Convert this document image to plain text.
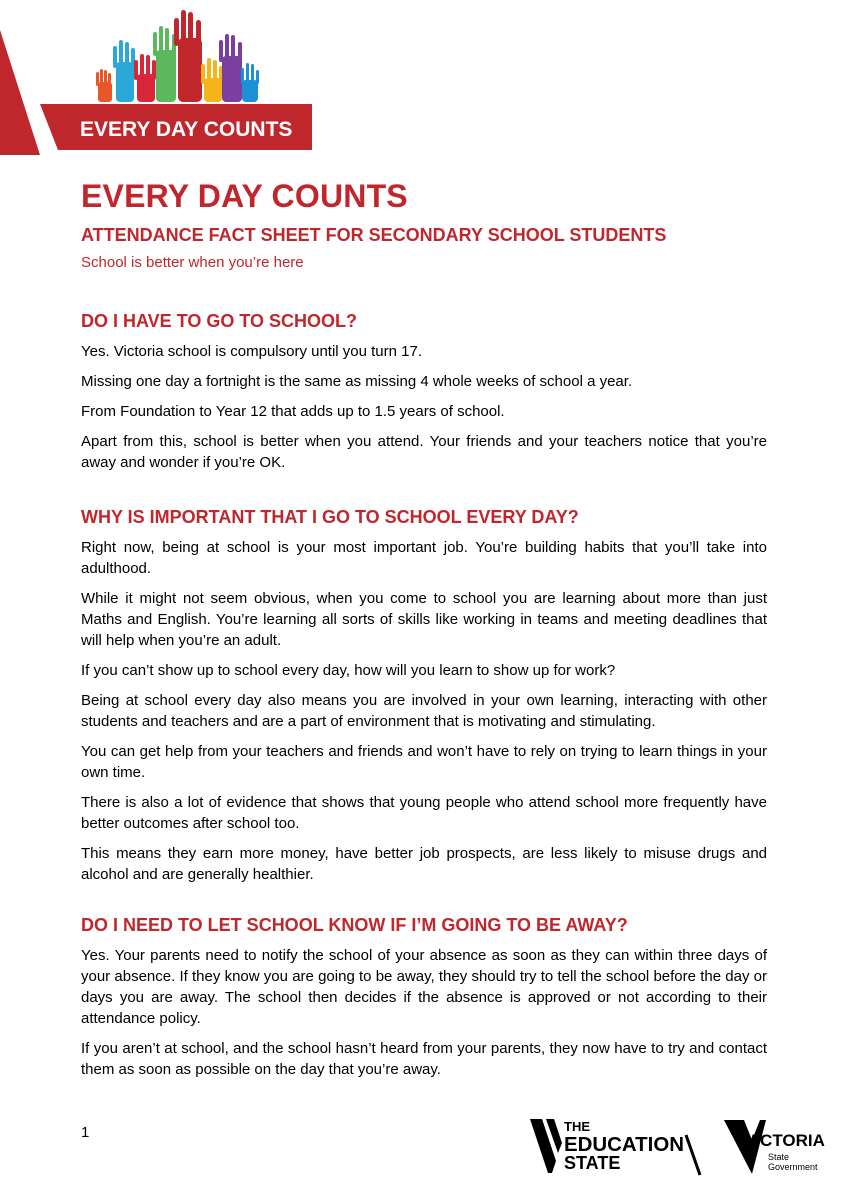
EVERY DAY COUNTS
EVERY DAY COUNTS
ATTENDANCE FACT SHEET FOR SECONDARY SCHOOL STUDENTS
School is better when you’re here
DO I HAVE TO GO TO SCHOOL?

Yes. Victoria school is compulsory until you turn 17.

Missing one day a fortnight is the same as missing 4 whole weeks of school a year.

From Foundation to Year 12 that adds up to 1.5 years of school.

Apart from this, school is better when you attend. Your friends and your teachers notice that you’re away and wonder if you’re OK.

WHY IS IMPORTANT THAT I GO TO SCHOOL EVERY DAY?

Right now, being at school is your most important job. You’re building habits that you’ll take into adulthood.

While it might not seem obvious, when you come to school you are learning about more than just Maths and English. You’re learning all sorts of skills like working in teams and meeting deadlines that will help when you’re an adult.

If you can’t show up to school every day, how will you learn to show up for work?

Being at school every day also means you are involved in your own learning, interacting with other students and teachers and are a part of environment that is motivating and stimulating.

You can get help from your teachers and friends and won’t have to rely on trying to learn things in your own time.

There is also a lot of evidence that shows that young people who attend school more frequently have better outcomes after school too.

This means they earn more money, have better job prospects, are less likely to misuse drugs and alcohol and are generally healthier.

DO I NEED TO LET SCHOOL KNOW IF I’M GOING TO BE AWAY?

Yes. Your parents need to notify the school of your absence as soon as they can within three days of your absence. If they know you are going to be away, they should try to tell the school before the day or days you are away. The school then decides if the absence is approved or not according to their attendance policy.

If you aren’t at school, and the school hasn’t heard from your parents, they now have to try and contact them as soon as possible on the day that you’re away.

1	THE
EDUCATION
STATE
VICTORIA
State
Government
